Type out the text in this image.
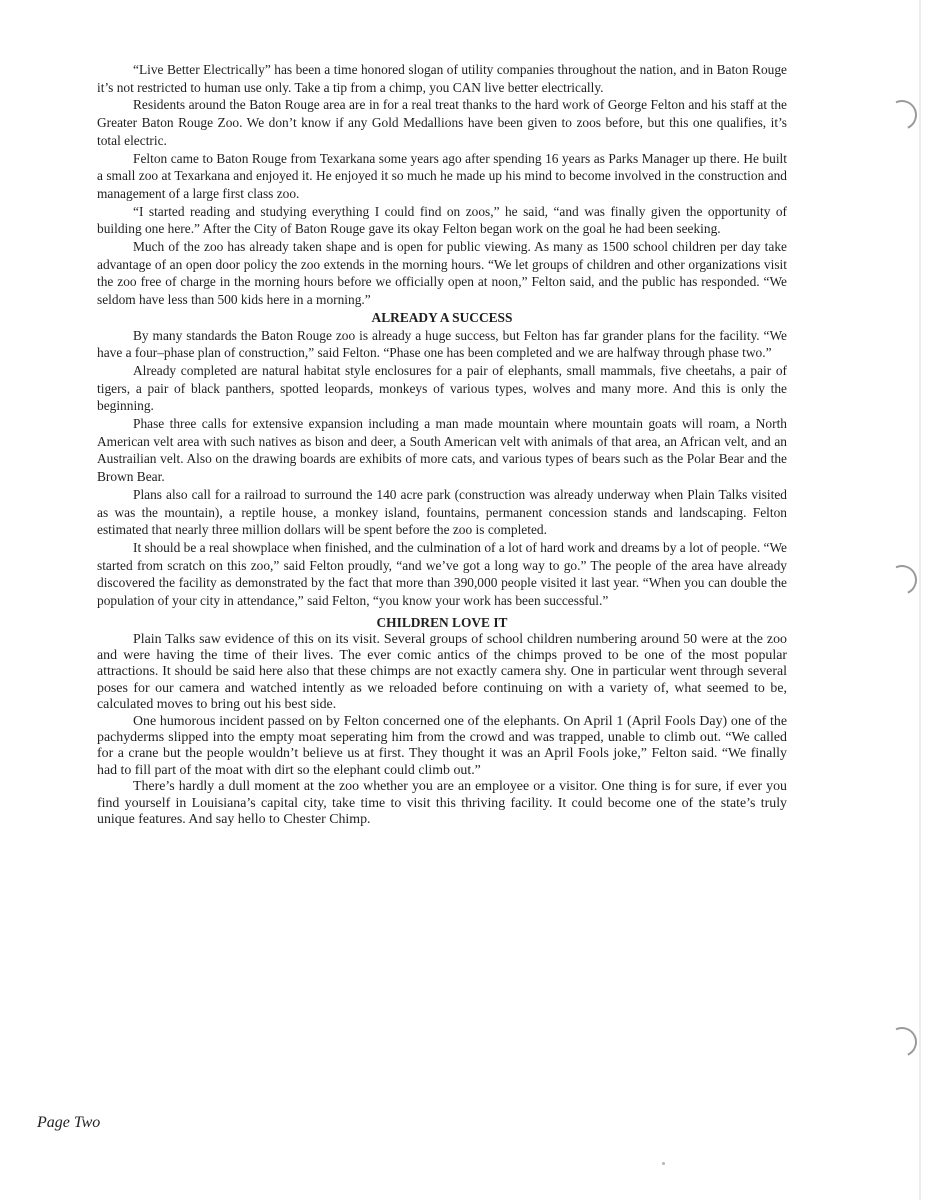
“Live Better Electrically” has been a time honored slogan of utility companies throughout the nation, and in Baton Rouge it’s not restricted to human use only. Take a tip from a chimp, you CAN live better electrically.

Residents around the Baton Rouge area are in for a real treat thanks to the hard work of George Felton and his staff at the Greater Baton Rouge Zoo. We don’t know if any Gold Medallions have been given to zoos before, but this one qualifies, it’s total electric.

Felton came to Baton Rouge from Texarkana some years ago after spending 16 years as Parks Manager up there. He built a small zoo at Texarkana and enjoyed it. He enjoyed it so much he made up his mind to become involved in the construction and management of a large first class zoo.

“I started reading and studying everything I could find on zoos,” he said, “and was finally given the opportunity of building one here.” After the City of Baton Rouge gave its okay Felton began work on the goal he had been seeking.

Much of the zoo has already taken shape and is open for public viewing. As many as 1500 school children per day take advantage of an open door policy the zoo extends in the morning hours. “We let groups of children and other organizations visit the zoo free of charge in the morning hours before we officially open at noon,” Felton said, and the public has responded. “We seldom have less than 500 kids here in a morning.”

ALREADY A SUCCESS

By many standards the Baton Rouge zoo is already a huge success, but Felton has far grander plans for the facility. “We have a four–phase plan of construction,” said Felton. “Phase one has been completed and we are halfway through phase two.”

Already completed are natural habitat style enclosures for a pair of elephants, small mammals, five cheetahs, a pair of tigers, a pair of black panthers, spotted leopards, monkeys of various types, wolves and many more. And this is only the beginning.

Phase three calls for extensive expansion including a man made mountain where mountain goats will roam, a North American velt area with such natives as bison and deer, a South American velt with animals of that area, an African velt, and an Austrailian velt. Also on the drawing boards are exhibits of more cats, and various types of bears such as the Polar Bear and the Brown Bear.

Plans also call for a railroad to surround the 140 acre park (construction was already underway when Plain Talks visited as was the mountain), a reptile house, a monkey island, fountains, permanent concession stands and landscaping. Felton estimated that nearly three million dollars will be spent before the zoo is completed.

It should be a real showplace when finished, and the culmination of a lot of hard work and dreams by a lot of people. “We started from scratch on this zoo,” said Felton proudly, “and we’ve got a long way to go.” The people of the area have already discovered the facility as demonstrated by the fact that more than 390,000 people visited it last year. “When you can double the population of your city in attendance,” said Felton, “you know your work has been successful.”

CHILDREN LOVE IT

Plain Talks saw evidence of this on its visit. Several groups of school children numbering around 50 were at the zoo and were having the time of their lives. The ever comic antics of the chimps proved to be one of the most popular attractions. It should be said here also that these chimps are not exactly camera shy. One in particular went through several poses for our camera and watched intently as we reloaded before continuing on with a variety of, what seemed to be, calculated moves to bring out his best side.

One humorous incident passed on by Felton concerned one of the elephants. On April 1 (April Fools Day) one of the pachyderms slipped into the empty moat seperating him from the crowd and was trapped, unable to climb out. “We called for a crane but the people wouldn’t believe us at first. They thought it was an April Fools joke,” Felton said. “We finally had to fill part of the moat with dirt so the elephant could climb out.”

There’s hardly a dull moment at the zoo whether you are an employee or a visitor. One thing is for sure, if ever you find yourself in Louisiana’s capital city, take time to visit this thriving facility. It could become one of the state’s truly unique features. And say hello to Chester Chimp.

Page Two
